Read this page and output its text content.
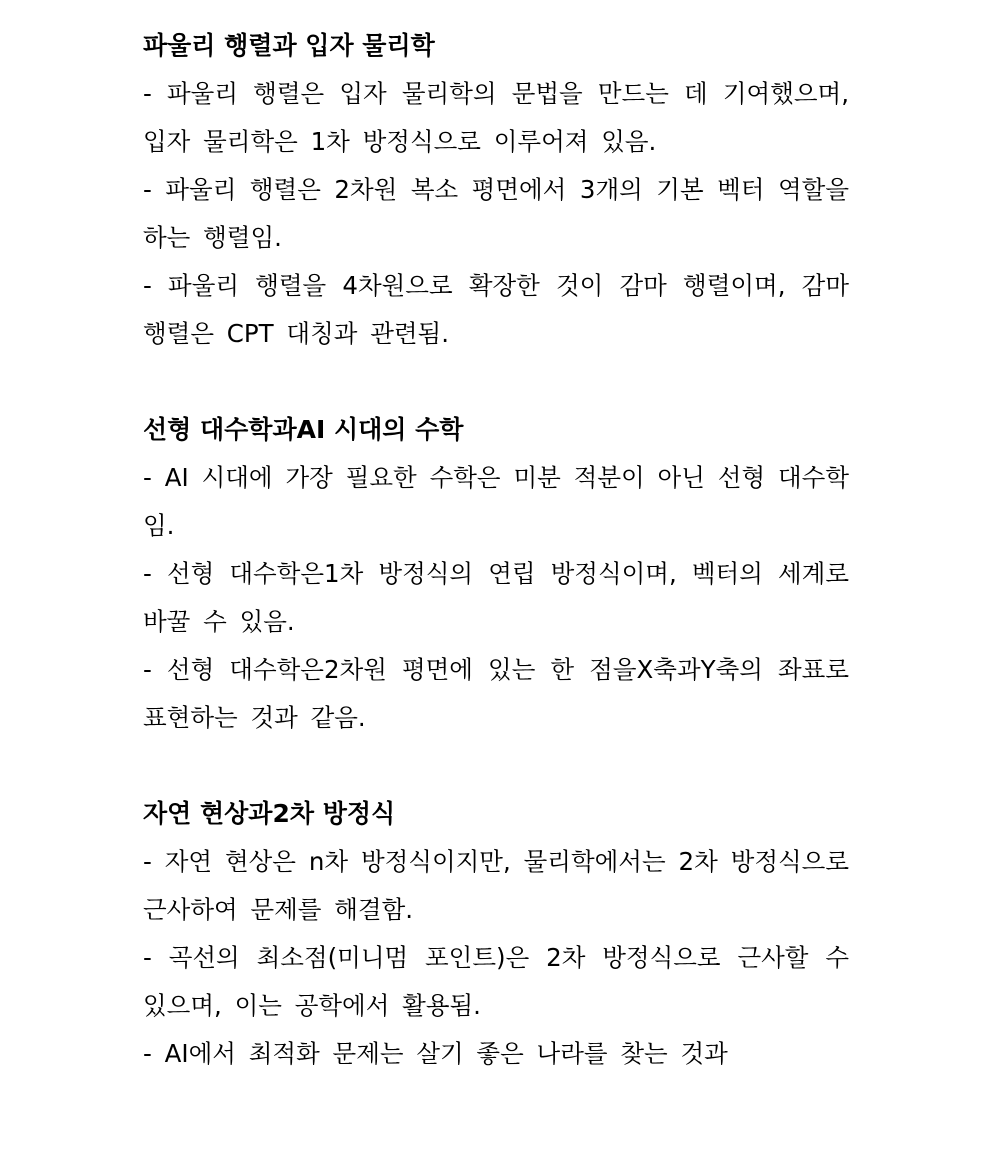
파울리 행렬과 입자 물리학

- 파울리 행렬은 입자 물리학의 문법을 만드는 데 기여했으며, 입자 물리학은 1차 방정식으로 이루어져 있음.

- 파울리 행렬은 2차원 복소 평면에서 3개의 기본 벡터 역할을 하는 행렬임.

- 파울리 행렬을 4차원으로 확장한 것이 감마 행렬이며, 감마 행렬은 CPT 대칭과 관련됨.

선형 대수학과AI 시대의 수학

- AI 시대에 가장 필요한 수학은 미분 적분이 아닌 선형 대수학임.

- 선형 대수학은1차 방정식의 연립 방정식이며, 벡터의 세계로 바꿀 수 있음.

- 선형 대수학은2차원 평면에 있는 한 점을X축과Y축의 좌표로 표현하는 것과 같음.

자연 현상과2차 방정식

- 자연 현상은 n차 방정식이지만, 물리학에서는 2차 방정식으로 근사하여 문제를 해결함.

- 곡선의 최소점(미니멈 포인트)은 2차 방정식으로 근사할 수 있으며, 이는 공학에서 활용됨.

- AI에서 최적화 문제는 살기 좋은 나라를 찾는 것과
